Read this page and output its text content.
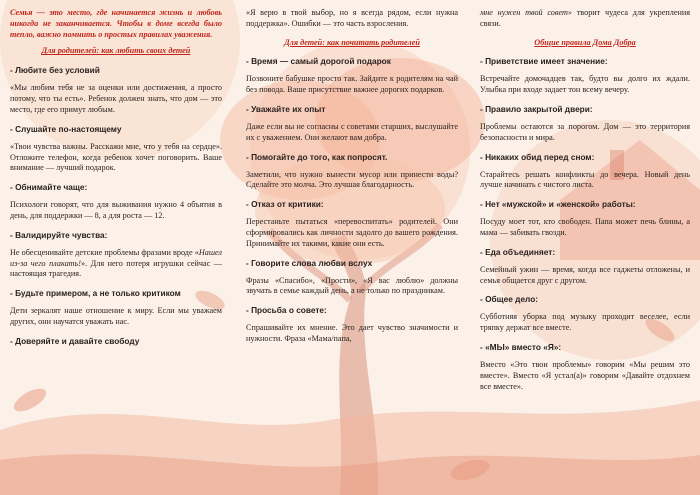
Семья — это место, где начинается жизнь и любовь никогда не заканчивается. Чтобы в доме всегда было тепло, важно помнить о простых правилах уважения.

Для родителей: как любить своих детей
- Любите без условий

«Мы любим тебя не за оценки или достижения, а просто потому, что ты есть». Ребенок должен знать, что дом — это место, где его примут любым.

- Слушайте по-настоящему

«Твои чувства важны. Расскажи мне, что у тебя на сердце». Отложите телефон, когда ребенок хочет поговорить. Ваше внимание — лучший подарок.

- Обнимайте чаще:

Психологи говорят, что для выживания нужно 4 объятия в день, для поддержки — 8, а для роста — 12.

- Валидируйте чувства:

Не обесценивайте детские проблемы фразами вроде «Нашел из-за чего плакать!». Для него потеря игрушки сейчас — настоящая трагедия.

- Будьте примером, а не только критиком

Дети зеркалят наше отношение к миру. Если мы уважаем других, они научатся уважать нас.

- Доверяйте и давайте свободу

«Я верю в твой выбор, но я всегда рядом, если нужна поддержка». Ошибки — это часть взросления.

Для детей: как почитать родителей
- Время — самый дорогой подарок

Позвоните бабушке просто так. Зайдите к родителям на чай без повода. Ваше присутствие важнее дорогих подарков.

- Уважайте их опыт

Даже если вы не согласны с советами старших, выслушайте их с уважением. Они желают вам добра.

- Помогайте до того, как попросят.

Заметили, что нужно вынести мусор или принести воды? Сделайте это молча. Это лучшая благодарность.

- Отказ от критики:

Перестаньте пытаться «перевоспитать» родителей. Они сформировались как личности задолго до вашего рождения. Принимайте их такими, какие они есть.

- Говорите слова любви вслух

Фразы «Спасибо», «Прости», «Я вас люблю» должны звучать в семье каждый день, а не только по праздникам.

- Просьба о совете:

Спрашивайте их мнение. Это дает чувство значимости и нужности. Фраза «Мама/папа,

мне нужен твой совет» творит чудеса для укрепления связи.

Общие правила Дома Добра
- Приветствие имеет значение:

Встречайте домочадцев так, будто вы долго их ждали. Улыбка при входе задает тон всему вечеру.

- Правило закрытой двери:

Проблемы остаются за порогом. Дом — это территория безопасности и мира.

- Никаких обид перед сном:

Старайтесь решать конфликты до вечера. Новый день лучше начинать с чистого листа.

- Нет «мужской» и «женской» работы:

Посуду моет тот, кто свободен. Папа может печь блины, а мама — забивать гвозди.

- Еда объединяет:

Семейный ужин — время, когда все гаджеты отложены, и семья общается друг с другом.

- Общее дело:

Субботняя уборка под музыку проходит веселее, если тряпку держат все вместе.

- «МЫ» вместо «Я»:

Вместо «Это твои проблемы» говорим «Мы решим это вместе». Вместо «Я устал(а)» говорим «Давайте отдохнем все вместе».
